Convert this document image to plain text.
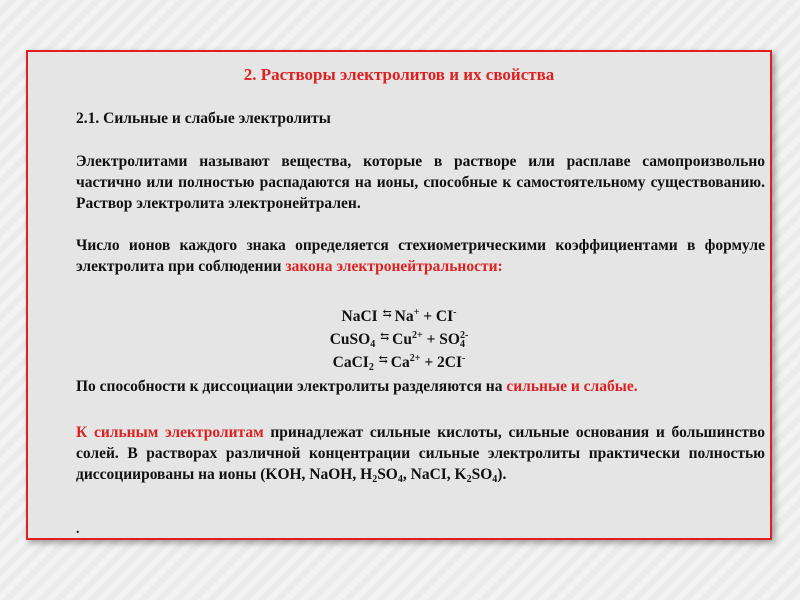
2. Растворы электролитов и их свойства
2.1. Сильные и слабые электролиты
Электролитами называют вещества, которые в растворе или расплаве самопроизвольно частично или полностью распадаются на ионы, способные к самостоятельному существованию. Раствор электролита электронейтрален.
Число ионов каждого знака определяется стехиометрическими коэффициентами в формуле электролита при соблюдении закона электронейтральности:
NaCI ⇆ Na+ + CI-
CuSO$_4$ ⇆ $Cu^{2+} + SO_4^{2-}$
CaCI$_2$ ⇆ $Ca^{2+} + 2CI^-$
По способности к диссоциации электролиты разделяются на сильные и слабые.
К сильным электролитам принадлежат сильные кислоты, сильные основания и большинство солей. В растворах различной концентрации сильные электролиты практически полностью диссоциированы на ионы (KOH, NaOH, $H_2SO_4$, NaCI, $K_2SO_4$).
.
